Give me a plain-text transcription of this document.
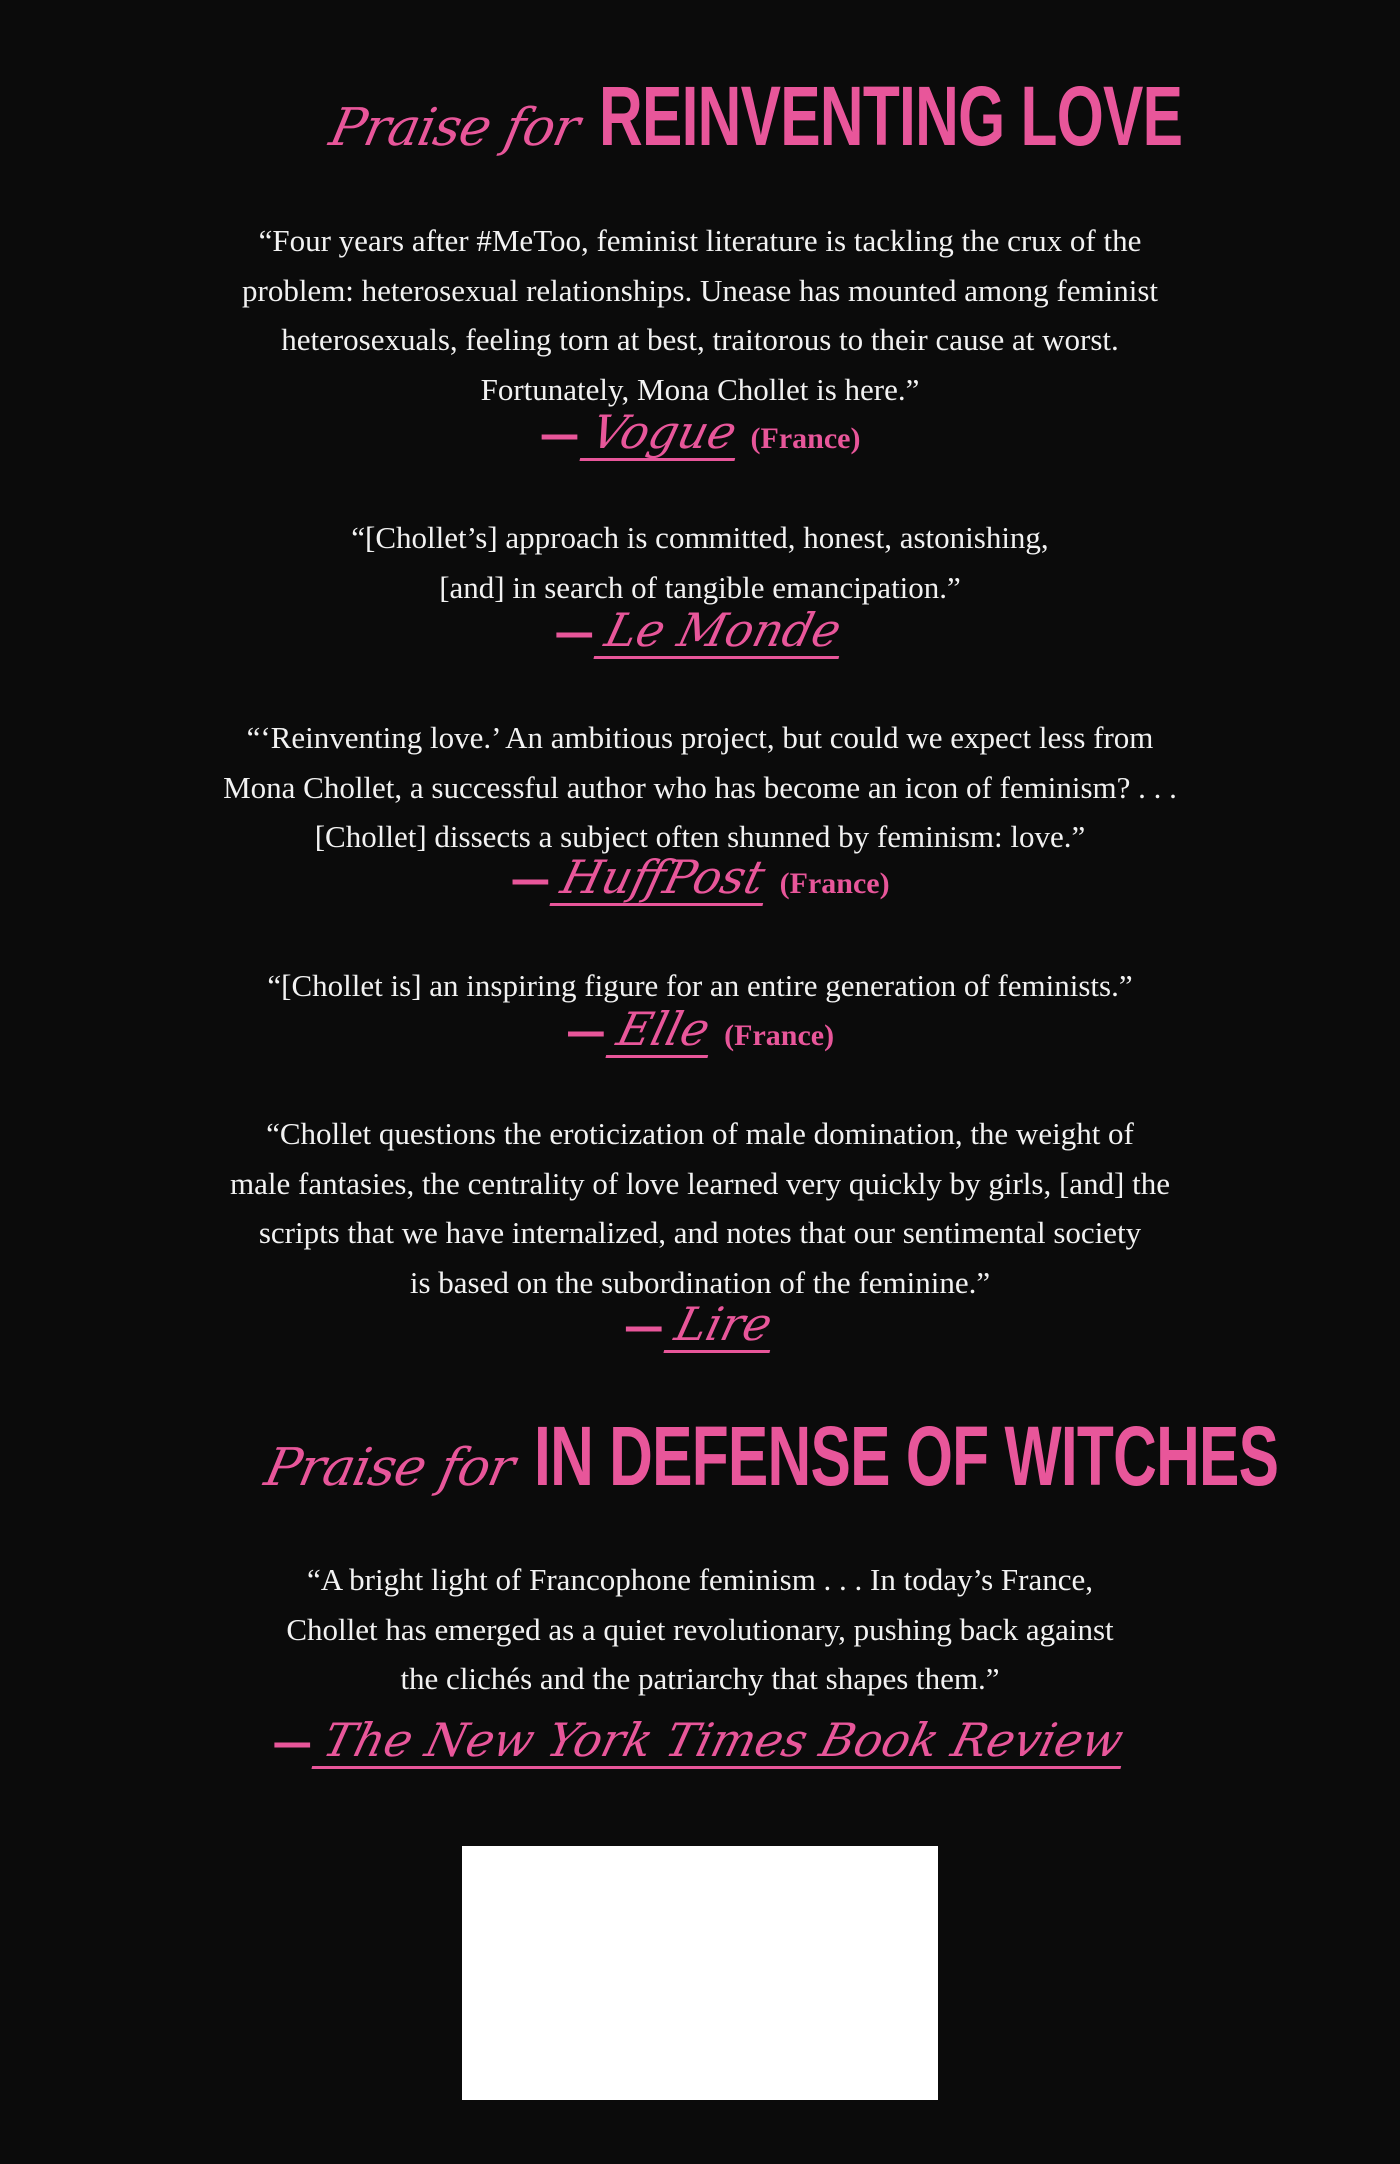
Praise for REINVENTING LOVE
“Four years after #MeToo, feminist literature is tackling the crux of the
problem: heterosexual relationships. Unease has mounted among feminist
heterosexuals, feeling torn at best, traitorous to their cause at worst.
Fortunately, Mona Chollet is here.”
— Vogue (France)
“[Chollet’s] approach is committed, honest, astonishing,
[and] in search of tangible emancipation.”
— Le Monde
“‘Reinventing love.’ An ambitious project, but could we expect less from
Mona Chollet, a successful author who has become an icon of feminism? . . .
[Chollet] dissects a subject often shunned by feminism: love.”
— HuffPost (France)
“[Chollet is] an inspiring figure for an entire generation of feminists.”
— Elle (France)
“Chollet questions the eroticization of male domination, the weight of
male fantasies, the centrality of love learned very quickly by girls, [and] the
scripts that we have internalized, and notes that our sentimental society
is based on the subordination of the feminine.”
— Lire
Praise for IN DEFENSE OF WITCHES
“A bright light of Francophone feminism . . . In today’s France,
Chollet has emerged as a quiet revolutionary, pushing back against
the clichés and the patriarchy that shapes them.”
— The New York Times Book Review
